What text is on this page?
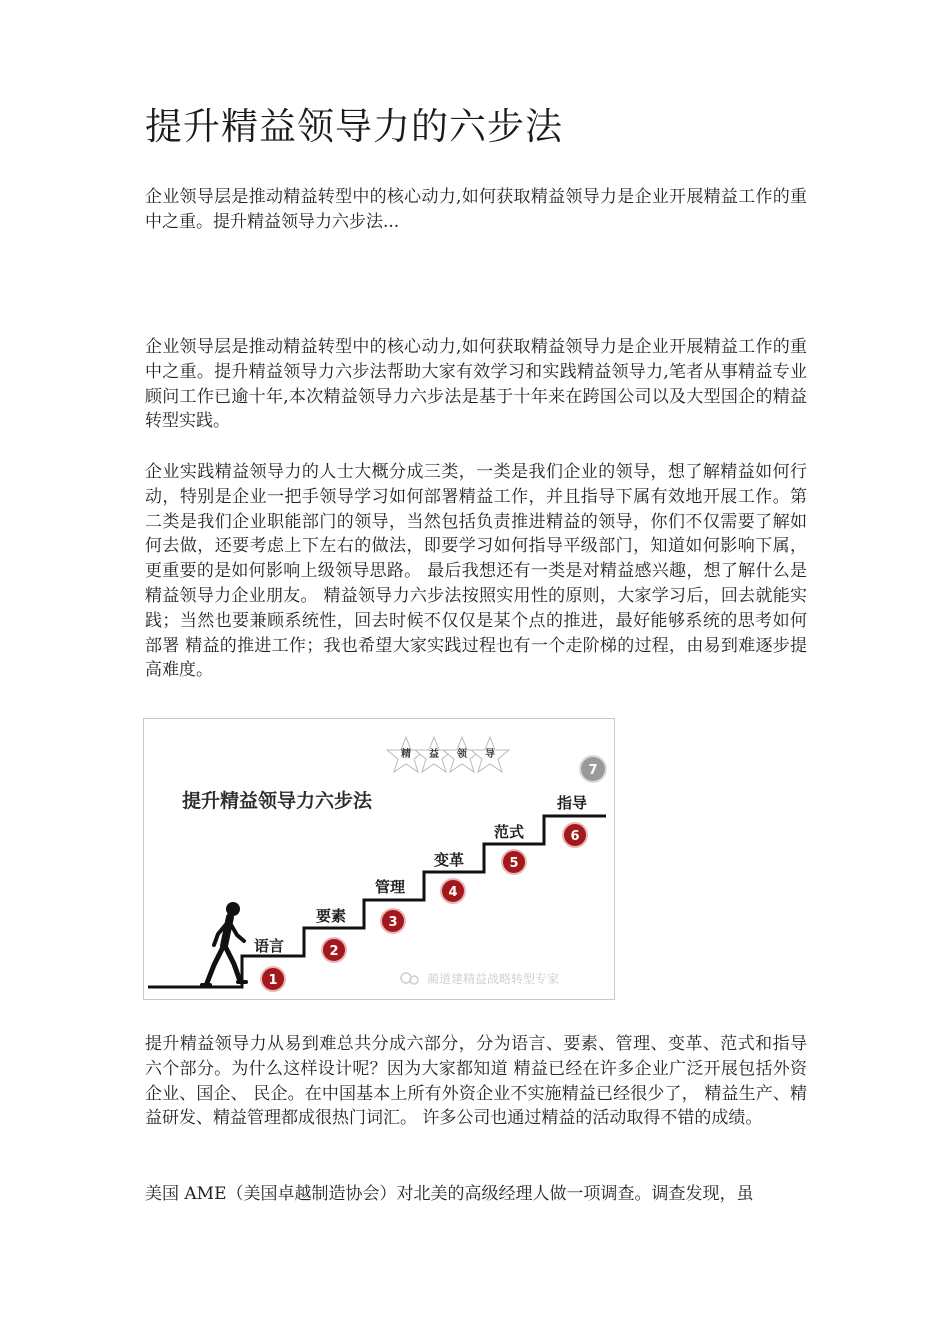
提升精益领导力的六步法

企业领导层是推动精益转型中的核心动力,如何获取精益领导力是企业开展精益工作的重中之重。提升精益领导力六步法...

企业领导层是推动精益转型中的核心动力,如何获取精益领导力是企业开展精益工作的重中之重。提升精益领导力六步法帮助大家有效学习和实践精益领导力,笔者从事精益专业顾问工作已逾十年,本次精益领导力六步法是基于十年来在跨国公司以及大型国企的精益转型实践。

企业实践精益领导力的人士大概分成三类，一类是我们企业的领导，想了解精益如何行动，特别是企业一把手领导学习如何部署精益工作，并且指导下属有效地开展工作。第二类是我们企业职能部门的领导，当然包括负责推进精益的领导，你们不仅需要了解如何去做，还要考虑上下左右的做法，即要学习如何指导平级部门，知道如何影响下属，更重要的是如何影响上级领导思路。 最后我想还有一类是对精益感兴趣，想了解什么是精益领导力企业朋友。 精益领导力六步法按照实用性的原则，大家学习后，回去就能实践；当然也要兼顾系统性，回去时候不仅仅是某个点的推进，最好能够系统的思考如何部署 精益的推进工作；我也希望大家实践过程也有一个走阶梯的过程，由易到难逐步提高难度。

精 益 领 导
提升精益领导力六步法
语言
要素
管理
变革
范式
指导
1
2
3
4
5
6
7
蔺道建精益战略转型专家

提升精益领导力从易到难总共分成六部分，分为语言、要素、管理、变革、范式和指导六个部分。为什么这样设计呢？因为大家都知道 精益已经在许多企业广泛开展包括外资企业、国企、 民企。在中国基本上所有外资企业不实施精益已经很少了， 精益生产、精益研发、精益管理都成很热门词汇。 许多公司也通过精益的活动取得不错的成绩。

美国 AME（美国卓越制造协会）对北美的高级经理人做一项调查。调查发现，虽
